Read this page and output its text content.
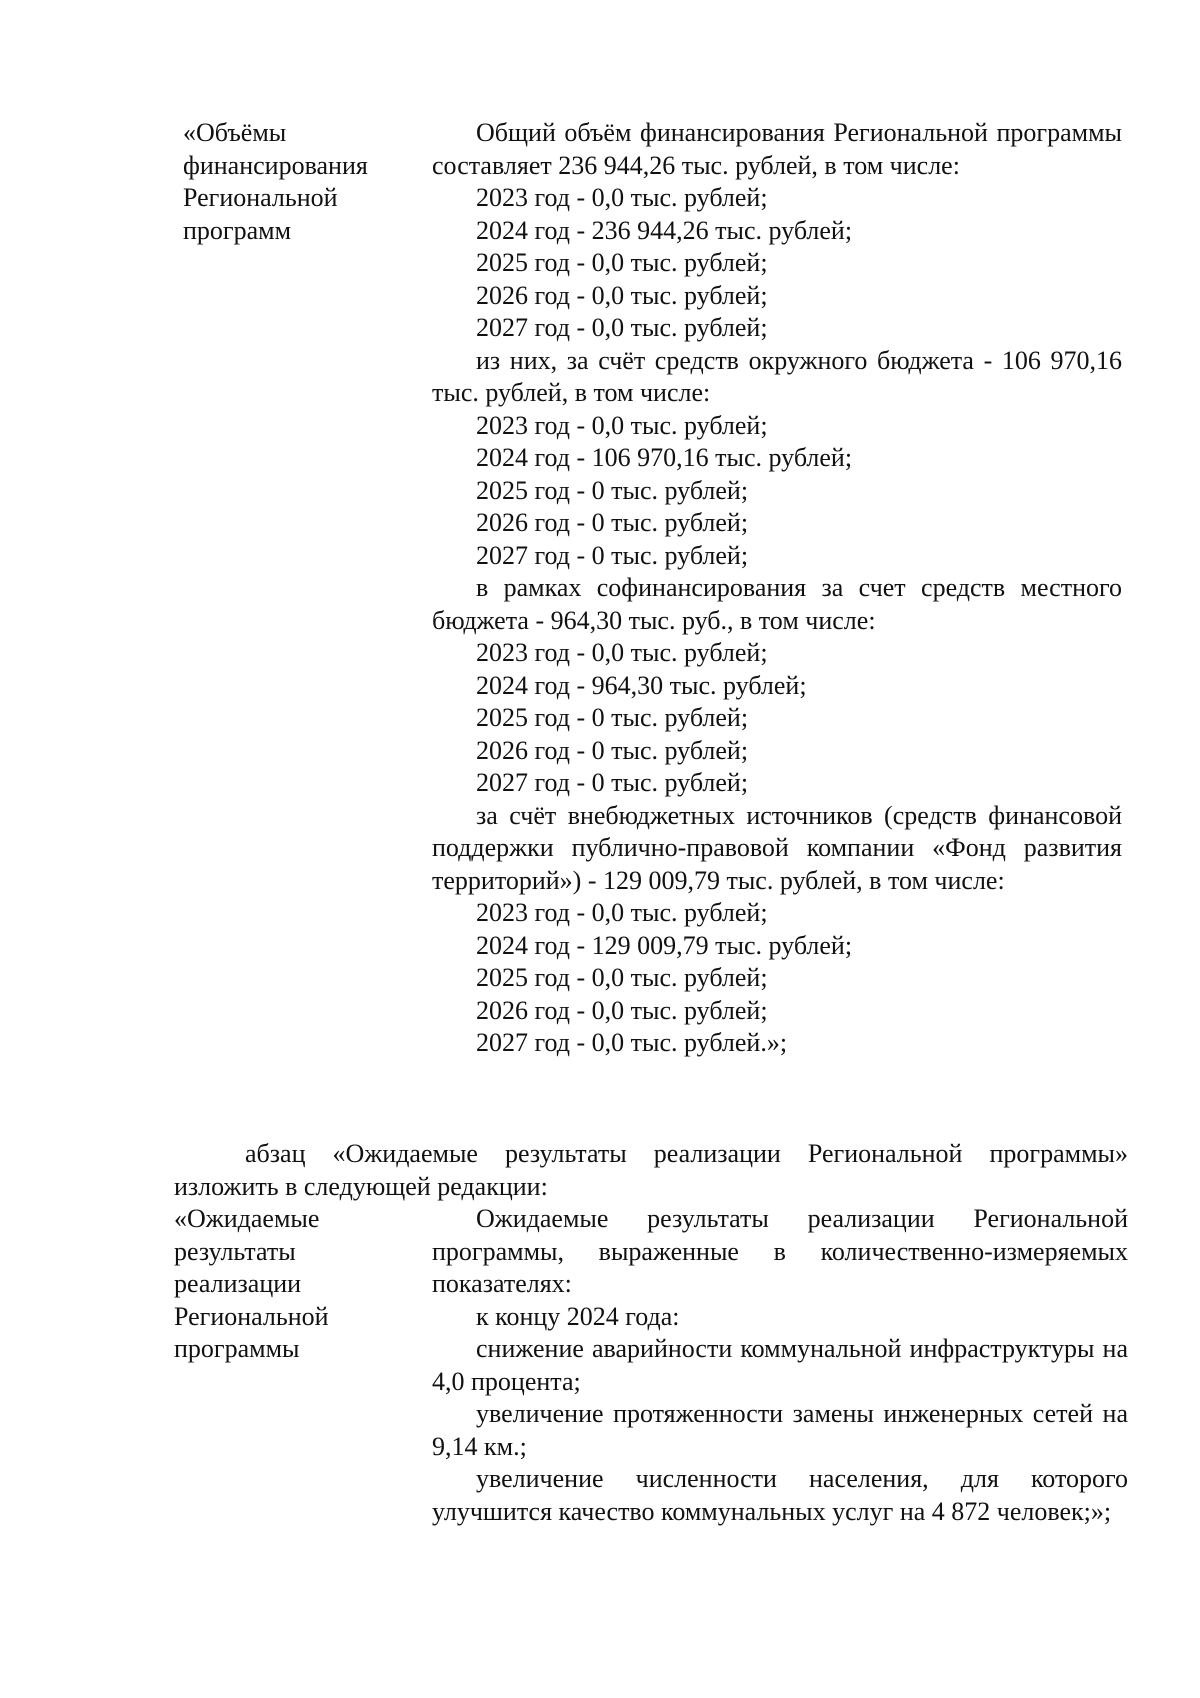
«Объёмы
финансирования
Региональной
программ

Общий объём финансирования Региональной программы составляет 236 944,26 тыс. рублей, в том числе:

2023 год - 0,0 тыс. рублей;

2024 год - 236 944,26 тыс. рублей;

2025 год - 0,0 тыс. рублей;

2026 год - 0,0 тыс. рублей;

2027 год - 0,0 тыс. рублей;

из них, за счёт средств окружного бюджета - 106 970,16 тыс. рублей, в том числе:

2023 год - 0,0 тыс. рублей;

2024 год - 106 970,16 тыс. рублей;

2025 год - 0 тыс. рублей;

2026 год - 0 тыс. рублей;

2027 год - 0 тыс. рублей;

в рамках софинансирования за счет средств местного бюджета - 964,30 тыс. руб., в том числе:

2023 год - 0,0 тыс. рублей;

2024 год - 964,30 тыс. рублей;

2025 год - 0 тыс. рублей;

2026 год - 0 тыс. рублей;

2027 год - 0 тыс. рублей;

за счёт внебюджетных источников (средств финансовой поддержки публично-правовой компании «Фонд развития территорий») - 129 009,79 тыс. рублей, в том числе:

2023 год - 0,0 тыс. рублей;

2024 год - 129 009,79 тыс. рублей;

2025 год - 0,0 тыс. рублей;

2026 год - 0,0 тыс. рублей;

2027 год - 0,0 тыс. рублей.»;

абзац «Ожидаемые результаты реализации Региональной программы» изложить в следующей редакции:

«Ожидаемые
результаты
реализации
Региональной
программы

Ожидаемые результаты реализации Региональной программы, выраженные в количественно-измеряемых показателях:

к концу 2024 года:

снижение аварийности коммунальной инфраструктуры на 4,0 процента;

увеличение протяженности замены инженерных сетей на 9,14 км.;

увеличение численности населения, для которого улучшится качество коммунальных услуг на 4 872 человек;»;
